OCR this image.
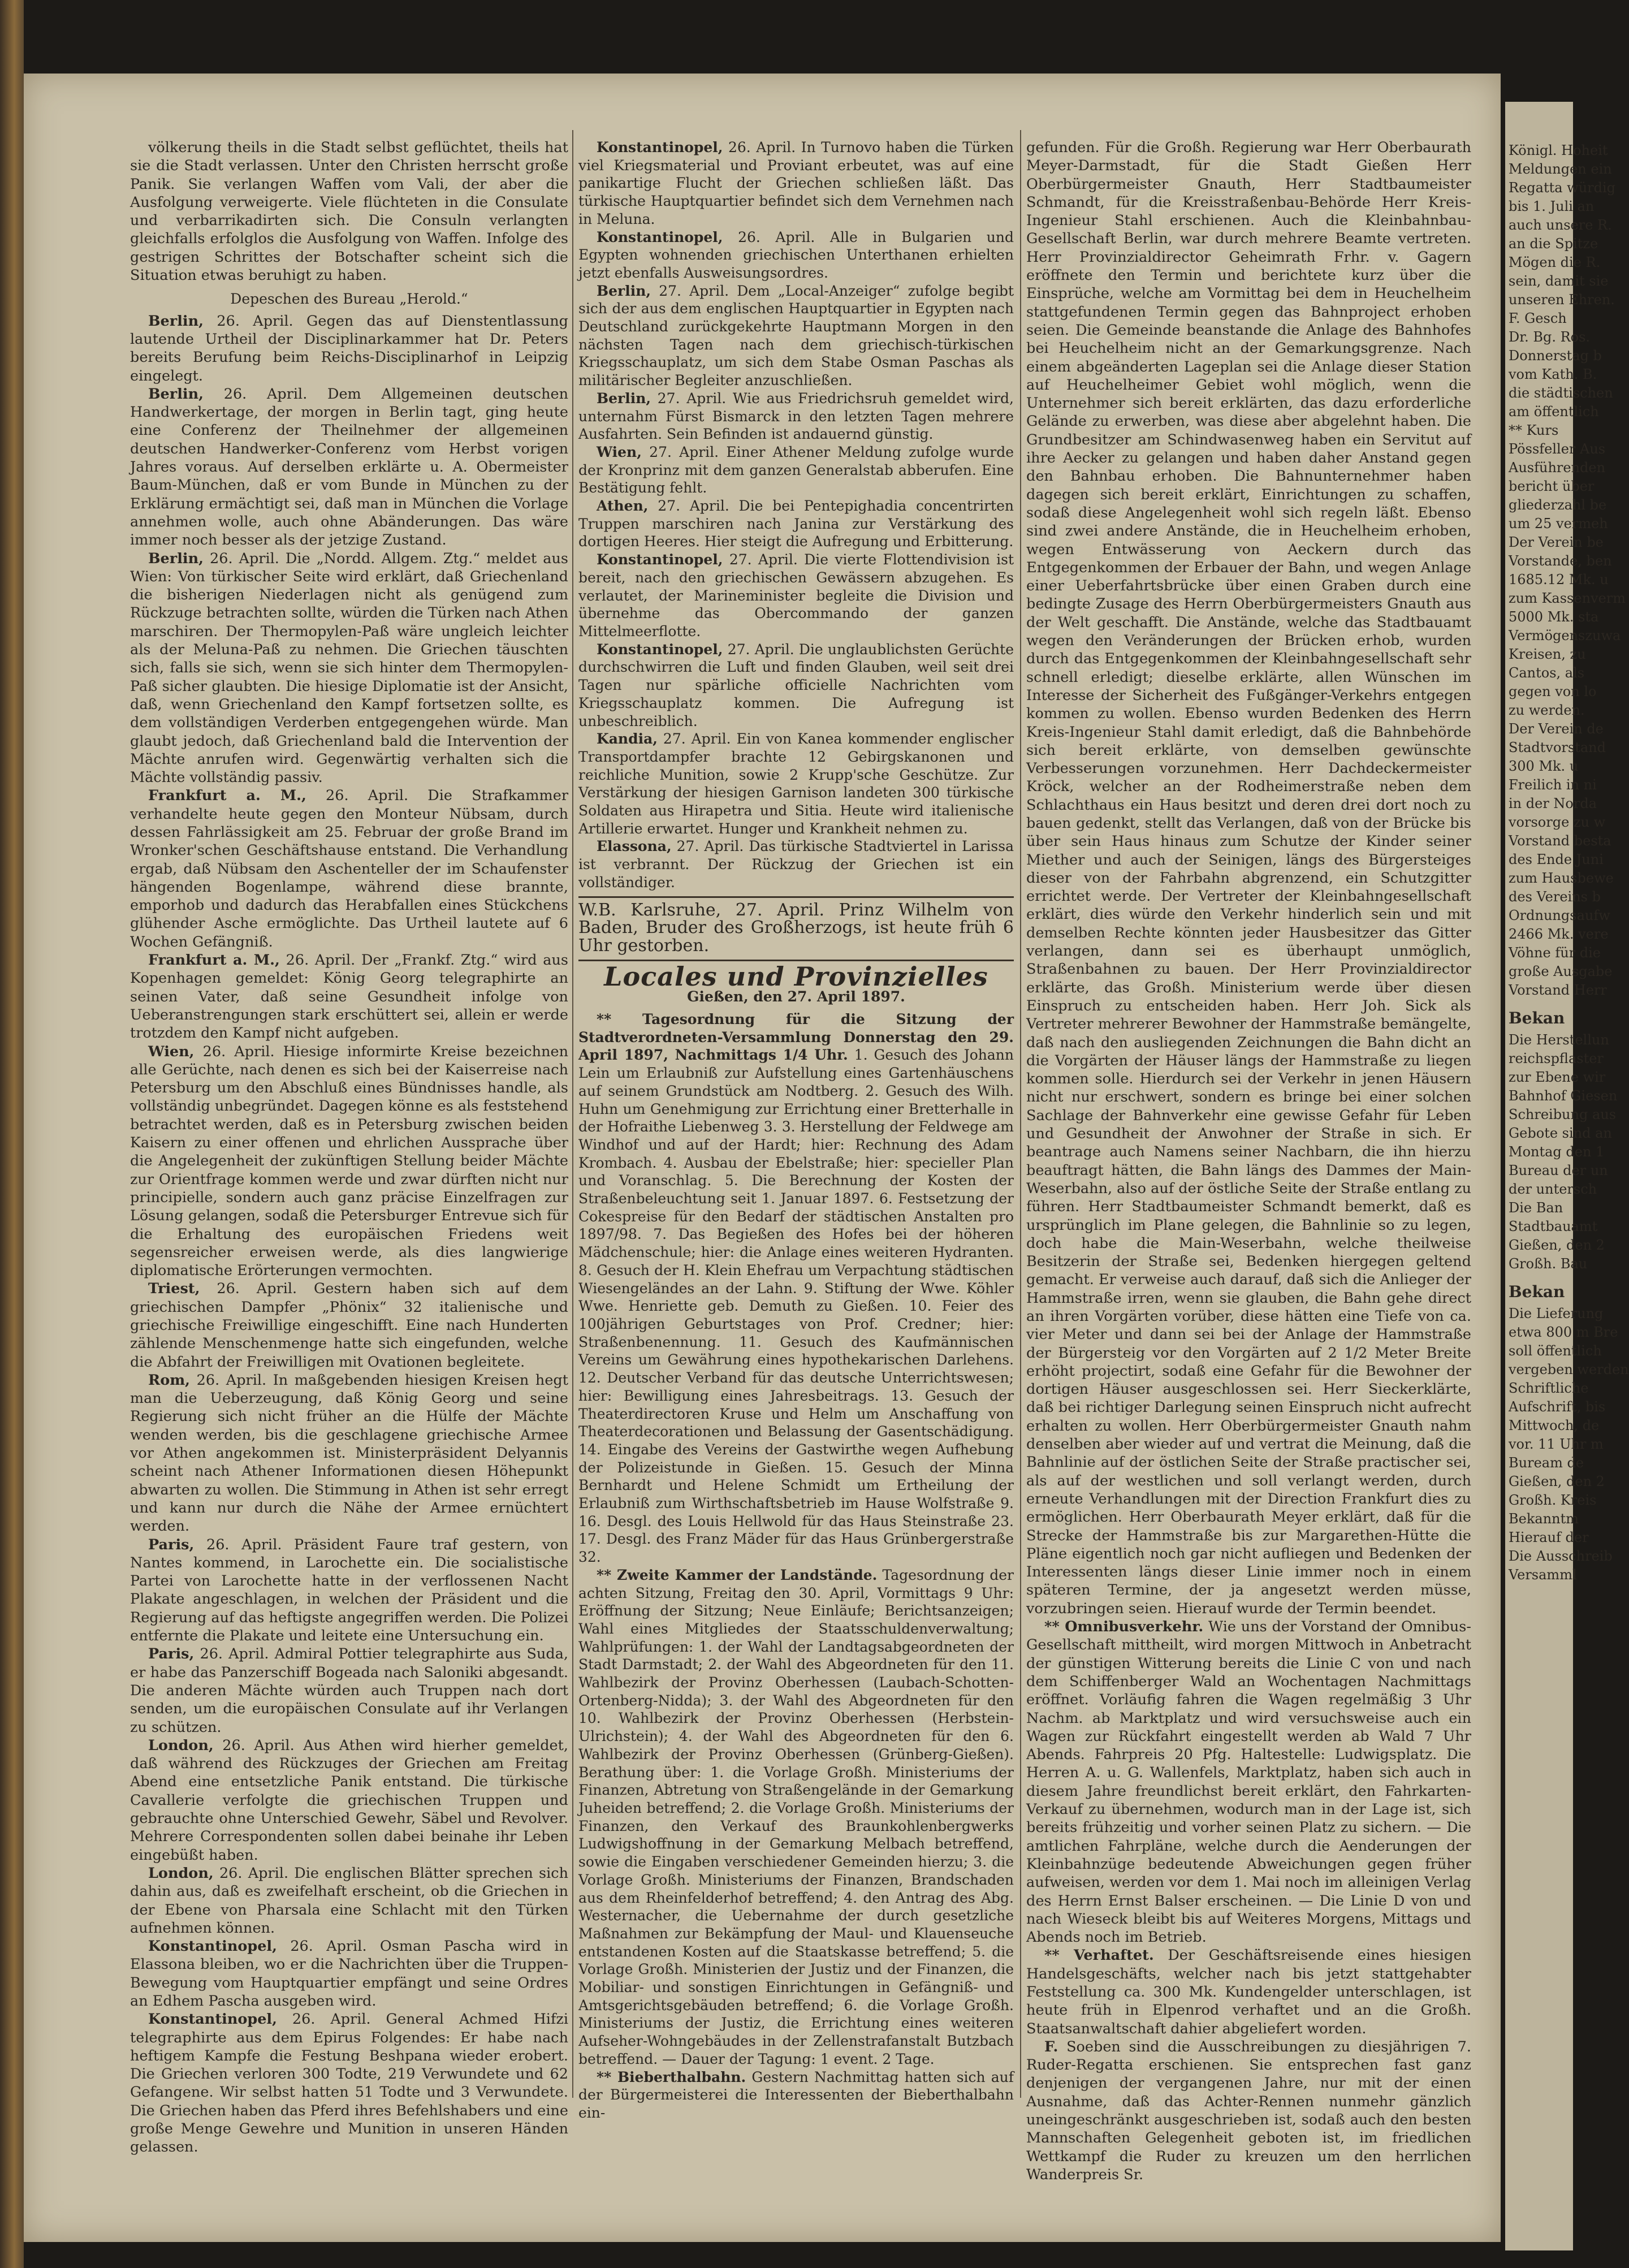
völkerung theils in die Stadt selbst geflüchtet, theils hat sie die Stadt verlassen. Unter den Christen herrscht große Panik. Sie verlangen Waffen vom Vali, der aber die Ausfolgung verweigerte. Viele flüchteten in die Consulate und verbarrikadirten sich. Die Consuln verlangten gleichfalls erfolglos die Ausfolgung von Waffen. Infolge des gestrigen Schrittes der Botschafter scheint sich die Situation etwas beruhigt zu haben.

Depeschen des Bureau „Herold.“

Berlin, 26. April. Gegen das auf Dienstentlassung lautende Urtheil der Disciplinarkammer hat Dr. Peters bereits Berufung beim Reichs-Disciplinarhof in Leipzig eingelegt.

Berlin, 26. April. Dem Allgemeinen deutschen Handwerkertage, der morgen in Berlin tagt, ging heute eine Conferenz der Theilnehmer der allgemeinen deutschen Handwerker-Conferenz vom Herbst vorigen Jahres voraus. Auf derselben erklärte u. A. Obermeister Baum-München, daß er vom Bunde in München zu der Erklärung ermächtigt sei, daß man in München die Vorlage annehmen wolle, auch ohne Abänderungen. Das wäre immer noch besser als der jetzige Zustand.

Berlin, 26. April. Die „Nordd. Allgem. Ztg.“ meldet aus Wien: Von türkischer Seite wird erklärt, daß Griechenland die bisherigen Niederlagen nicht als genügend zum Rückzuge betrachten sollte, würden die Türken nach Athen marschiren. Der Thermopylen-Paß wäre ungleich leichter als der Meluna-Paß zu nehmen. Die Griechen täuschten sich, falls sie sich, wenn sie sich hinter dem Thermopylen-Paß sicher glaubten. Die hiesige Diplomatie ist der Ansicht, daß, wenn Griechenland den Kampf fortsetzen sollte, es dem vollständigen Verderben entgegengehen würde. Man glaubt jedoch, daß Griechenland bald die Intervention der Mächte anrufen wird. Gegenwärtig verhalten sich die Mächte vollständig passiv.

Frankfurt a. M., 26. April. Die Strafkammer verhandelte heute gegen den Monteur Nübsam, durch dessen Fahrlässigkeit am 25. Februar der große Brand im Wronker'schen Geschäftshause entstand. Die Verhandlung ergab, daß Nübsam den Aschenteller der im Schaufenster hängenden Bogenlampe, während diese brannte, emporhob und dadurch das Herabfallen eines Stückchens glühender Asche ermöglichte. Das Urtheil lautete auf 6 Wochen Gefängniß.

Frankfurt a. M., 26. April. Der „Frankf. Ztg.“ wird aus Kopenhagen gemeldet: König Georg telegraphirte an seinen Vater, daß seine Gesundheit infolge von Ueberanstrengungen stark erschüttert sei, allein er werde trotzdem den Kampf nicht aufgeben.

Wien, 26. April. Hiesige informirte Kreise bezeichnen alle Gerüchte, nach denen es sich bei der Kaiserreise nach Petersburg um den Abschluß eines Bündnisses handle, als vollständig unbegründet. Dagegen könne es als feststehend betrachtet werden, daß es in Petersburg zwischen beiden Kaisern zu einer offenen und ehrlichen Aussprache über die Angelegenheit der zukünftigen Stellung beider Mächte zur Orientfrage kommen werde und zwar dürften nicht nur principielle, sondern auch ganz präcise Einzelfragen zur Lösung gelangen, sodaß die Petersburger Entrevue sich für die Erhaltung des europäischen Friedens weit segensreicher erweisen werde, als dies langwierige diplomatische Erörterungen vermochten.

Triest, 26. April. Gestern haben sich auf dem griechischen Dampfer „Phönix“ 32 italienische und griechische Freiwillige eingeschifft. Eine nach Hunderten zählende Menschenmenge hatte sich eingefunden, welche die Abfahrt der Freiwilligen mit Ovationen begleitete.

Rom, 26. April. In maßgebenden hiesigen Kreisen hegt man die Ueberzeugung, daß König Georg und seine Regierung sich nicht früher an die Hülfe der Mächte wenden werden, bis die geschlagene griechische Armee vor Athen angekommen ist. Ministerpräsident Delyannis scheint nach Athener Informationen diesen Höhepunkt abwarten zu wollen. Die Stimmung in Athen ist sehr erregt und kann nur durch die Nähe der Armee ernüchtert werden.

Paris, 26. April. Präsident Faure traf gestern, von Nantes kommend, in Larochette ein. Die socialistische Partei von Larochette hatte in der verflossenen Nacht Plakate angeschlagen, in welchen der Präsident und die Regierung auf das heftigste angegriffen werden. Die Polizei entfernte die Plakate und leitete eine Untersuchung ein.

Paris, 26. April. Admiral Pottier telegraphirte aus Suda, er habe das Panzerschiff Bogeada nach Saloniki abgesandt. Die anderen Mächte würden auch Truppen nach dort senden, um die europäischen Consulate auf ihr Verlangen zu schützen.

London, 26. April. Aus Athen wird hierher gemeldet, daß während des Rückzuges der Griechen am Freitag Abend eine entsetzliche Panik entstand. Die türkische Cavallerie verfolgte die griechischen Truppen und gebrauchte ohne Unterschied Gewehr, Säbel und Revolver. Mehrere Correspondenten sollen dabei beinahe ihr Leben eingebüßt haben.

London, 26. April. Die englischen Blätter sprechen sich dahin aus, daß es zweifelhaft erscheint, ob die Griechen in der Ebene von Pharsala eine Schlacht mit den Türken aufnehmen können.

Konstantinopel, 26. April. Osman Pascha wird in Elassona bleiben, wo er die Nachrichten über die Truppen-Bewegung vom Hauptquartier empfängt und seine Ordres an Edhem Pascha ausgeben wird.

Konstantinopel, 26. April. General Achmed Hifzi telegraphirte aus dem Epirus Folgendes: Er habe nach heftigem Kampfe die Festung Beshpana wieder erobert. Die Griechen verloren 300 Todte, 219 Verwundete und 62 Gefangene. Wir selbst hatten 51 Todte und 3 Verwundete. Die Griechen haben das Pferd ihres Befehlshabers und eine große Menge Gewehre und Munition in unseren Händen gelassen.

Konstantinopel, 26. April. In Turnovo haben die Türken viel Kriegsmaterial und Proviant erbeutet, was auf eine panikartige Flucht der Griechen schließen läßt. Das türkische Hauptquartier befindet sich dem Vernehmen nach in Meluna.

Konstantinopel, 26. April. Alle in Bulgarien und Egypten wohnenden griechischen Unterthanen erhielten jetzt ebenfalls Ausweisungsordres.

Berlin, 27. April. Dem „Local-Anzeiger“ zufolge begibt sich der aus dem englischen Hauptquartier in Egypten nach Deutschland zurückgekehrte Hauptmann Morgen in den nächsten Tagen nach dem griechisch-türkischen Kriegsschauplatz, um sich dem Stabe Osman Paschas als militärischer Begleiter anzuschließen.

Berlin, 27. April. Wie aus Friedrichsruh gemeldet wird, unternahm Fürst Bismarck in den letzten Tagen mehrere Ausfahrten. Sein Befinden ist andauernd günstig.

Wien, 27. April. Einer Athener Meldung zufolge wurde der Kronprinz mit dem ganzen Generalstab abberufen. Eine Bestätigung fehlt.

Athen, 27. April. Die bei Pentepighadia concentrirten Truppen marschiren nach Janina zur Verstärkung des dortigen Heeres. Hier steigt die Aufregung und Erbitterung.

Konstantinopel, 27. April. Die vierte Flottendivision ist bereit, nach den griechischen Gewässern abzugehen. Es verlautet, der Marineminister begleite die Division und übernehme das Obercommando der ganzen Mittelmeerflotte.

Konstantinopel, 27. April. Die unglaublichsten Gerüchte durchschwirren die Luft und finden Glauben, weil seit drei Tagen nur spärliche officielle Nachrichten vom Kriegsschauplatz kommen. Die Aufregung ist unbeschreiblich.

Kandia, 27. April. Ein von Kanea kommender englischer Transportdampfer brachte 12 Gebirgskanonen und reichliche Munition, sowie 2 Krupp'sche Geschütze. Zur Verstärkung der hiesigen Garnison landeten 300 türkische Soldaten aus Hirapetra und Sitia. Heute wird italienische Artillerie erwartet. Hunger und Krankheit nehmen zu.

Elassona, 27. April. Das türkische Stadtviertel in Larissa ist verbrannt. Der Rückzug der Griechen ist ein vollständiger.

W.B. Karlsruhe, 27. April. Prinz Wilhelm von Baden, Bruder des Großherzogs, ist heute früh 6 Uhr gestorben.

Locales und Provinzielles

Gießen, den 27. April 1897.

** Tagesordnung für die Sitzung der Stadtverordneten-Versammlung Donnerstag den 29. April 1897, Nachmittags 1/4 Uhr. 1. Gesuch des Johann Lein um Erlaubniß zur Aufstellung eines Gartenhäuschens auf seinem Grundstück am Nodtberg. 2. Gesuch des Wilh. Huhn um Genehmigung zur Errichtung einer Bretterhalle in der Hofraithe Liebenweg 3. 3. Herstellung der Feldwege am Windhof und auf der Hardt; hier: Rechnung des Adam Krombach. 4. Ausbau der Ebelstraße; hier: specieller Plan und Voranschlag. 5. Die Berechnung der Kosten der Straßenbeleuchtung seit 1. Januar 1897. 6. Festsetzung der Cokespreise für den Bedarf der städtischen Anstalten pro 1897/98. 7. Das Begießen des Hofes bei der höheren Mädchenschule; hier: die Anlage eines weiteren Hydranten. 8. Gesuch der H. Klein Ehefrau um Verpachtung städtischen Wiesengeländes an der Lahn. 9. Stiftung der Wwe. Köhler Wwe. Henriette geb. Demuth zu Gießen. 10. Feier des 100jährigen Geburtstages von Prof. Credner; hier: Straßenbenennung. 11. Gesuch des Kaufmännischen Vereins um Gewährung eines hypothekarischen Darlehens. 12. Deutscher Verband für das deutsche Unterrichtswesen; hier: Bewilligung eines Jahresbeitrags. 13. Gesuch der Theaterdirectoren Kruse und Helm um Anschaffung von Theaterdecorationen und Belassung der Gasentschädigung. 14. Eingabe des Vereins der Gastwirthe wegen Aufhebung der Polizeistunde in Gießen. 15. Gesuch der Minna Bernhardt und Helene Schmidt um Ertheilung der Erlaubniß zum Wirthschaftsbetrieb im Hause Wolfstraße 9. 16. Desgl. des Louis Hellwold für das Haus Steinstraße 23. 17. Desgl. des Franz Mäder für das Haus Grünbergerstraße 32.

** Zweite Kammer der Landstände. Tagesordnung der achten Sitzung, Freitag den 30. April, Vormittags 9 Uhr: Eröffnung der Sitzung; Neue Einläufe; Berichtsanzeigen; Wahl eines Mitgliedes der Staatsschuldenverwaltung; Wahlprüfungen: 1. der Wahl der Landtagsabgeordneten der Stadt Darmstadt; 2. der Wahl des Abgeordneten für den 11. Wahlbezirk der Provinz Oberhessen (Laubach-Schotten-Ortenberg-Nidda); 3. der Wahl des Abgeordneten für den 10. Wahlbezirk der Provinz Oberhessen (Herbstein-Ulrichstein); 4. der Wahl des Abgeordneten für den 6. Wahlbezirk der Provinz Oberhessen (Grünberg-Gießen). Berathung über: 1. die Vorlage Großh. Ministeriums der Finanzen, Abtretung von Straßengelände in der Gemarkung Juheiden betreffend; 2. die Vorlage Großh. Ministeriums der Finanzen, den Verkauf des Braunkohlenbergwerks Ludwigshoffnung in der Gemarkung Melbach betreffend, sowie die Eingaben verschiedener Gemeinden hierzu; 3. die Vorlage Großh. Ministeriums der Finanzen, Brandschaden aus dem Rheinfelderhof betreffend; 4. den Antrag des Abg. Westernacher, die Uebernahme der durch gesetzliche Maßnahmen zur Bekämpfung der Maul- und Klauenseuche entstandenen Kosten auf die Staatskasse betreffend; 5. die Vorlage Großh. Ministerien der Justiz und der Finanzen, die Mobiliar- und sonstigen Einrichtungen in Gefängniß- und Amtsgerichtsgebäuden betreffend; 6. die Vorlage Großh. Ministeriums der Justiz, die Errichtung eines weiteren Aufseher-Wohngebäudes in der Zellenstrafanstalt Butzbach betreffend. — Dauer der Tagung: 1 event. 2 Tage.

** Bieberthalbahn. Gestern Nachmittag hatten sich auf der Bürgermeisterei die Interessenten der Bieberthalbahn ein-

gefunden. Für die Großh. Regierung war Herr Oberbaurath Meyer-Darmstadt, für die Stadt Gießen Herr Oberbürgermeister Gnauth, Herr Stadtbaumeister Schmandt, für die Kreisstraßenbau-Behörde Herr Kreis-Ingenieur Stahl erschienen. Auch die Kleinbahnbau-Gesellschaft Berlin, war durch mehrere Beamte vertreten. Herr Provinzialdirector Geheimrath Frhr. v. Gagern eröffnete den Termin und berichtete kurz über die Einsprüche, welche am Vormittag bei dem in Heuchelheim stattgefundenen Termin gegen das Bahnproject erhoben seien. Die Gemeinde beanstande die Anlage des Bahnhofes bei Heuchelheim nicht an der Gemarkungsgrenze. Nach einem abgeänderten Lageplan sei die Anlage dieser Station auf Heuchelheimer Gebiet wohl möglich, wenn die Unternehmer sich bereit erklärten, das dazu erforderliche Gelände zu erwerben, was diese aber abgelehnt haben. Die Grundbesitzer am Schindwasenweg haben ein Servitut auf ihre Aecker zu gelangen und haben daher Anstand gegen den Bahnbau erhoben. Die Bahnunternehmer haben dagegen sich bereit erklärt, Einrichtungen zu schaffen, sodaß diese Angelegenheit wohl sich regeln läßt. Ebenso sind zwei andere Anstände, die in Heuchelheim erhoben, wegen Entwässerung von Aeckern durch das Entgegenkommen der Erbauer der Bahn, und wegen Anlage einer Ueberfahrtsbrücke über einen Graben durch eine bedingte Zusage des Herrn Oberbürgermeisters Gnauth aus der Welt geschafft. Die Anstände, welche das Stadtbauamt wegen den Veränderungen der Brücken erhob, wurden durch das Entgegenkommen der Kleinbahngesellschaft sehr schnell erledigt; dieselbe erklärte, allen Wünschen im Interesse der Sicherheit des Fußgänger-Verkehrs entgegen kommen zu wollen. Ebenso wurden Bedenken des Herrn Kreis-Ingenieur Stahl damit erledigt, daß die Bahnbehörde sich bereit erklärte, von demselben gewünschte Verbesserungen vorzunehmen. Herr Dachdeckermeister Kröck, welcher an der Rodheimerstraße neben dem Schlachthaus ein Haus besitzt und deren drei dort noch zu bauen gedenkt, stellt das Verlangen, daß von der Brücke bis über sein Haus hinaus zum Schutze der Kinder seiner Miether und auch der Seinigen, längs des Bürgersteiges dieser von der Fahrbahn abgrenzend, ein Schutzgitter errichtet werde. Der Vertreter der Kleinbahngesellschaft erklärt, dies würde den Verkehr hinderlich sein und mit demselben Rechte könnten jeder Hausbesitzer das Gitter verlangen, dann sei es überhaupt unmöglich, Straßenbahnen zu bauen. Der Herr Provinzialdirector erklärte, das Großh. Ministerium werde über diesen Einspruch zu entscheiden haben. Herr Joh. Sick als Vertreter mehrerer Bewohner der Hammstraße bemängelte, daß nach den ausliegenden Zeichnungen die Bahn dicht an die Vorgärten der Häuser längs der Hammstraße zu liegen kommen solle. Hierdurch sei der Verkehr in jenen Häusern nicht nur erschwert, sondern es bringe bei einer solchen Sachlage der Bahnverkehr eine gewisse Gefahr für Leben und Gesundheit der Anwohner der Straße in sich. Er beantrage auch Namens seiner Nachbarn, die ihn hierzu beauftragt hätten, die Bahn längs des Dammes der Main-Weserbahn, also auf der östliche Seite der Straße entlang zu führen. Herr Stadtbaumeister Schmandt bemerkt, daß es ursprünglich im Plane gelegen, die Bahnlinie so zu legen, doch habe die Main-Weserbahn, welche theilweise Besitzerin der Straße sei, Bedenken hiergegen geltend gemacht. Er verweise auch darauf, daß sich die Anlieger der Hammstraße irren, wenn sie glauben, die Bahn gehe direct an ihren Vorgärten vorüber, diese hätten eine Tiefe von ca. vier Meter und dann sei bei der Anlage der Hammstraße der Bürgersteig vor den Vorgärten auf 2 1/2 Meter Breite erhöht projectirt, sodaß eine Gefahr für die Bewohner der dortigen Häuser ausgeschlossen sei. Herr Sieckerklärte, daß bei richtiger Darlegung seinen Einspruch nicht aufrecht erhalten zu wollen. Herr Oberbürgermeister Gnauth nahm denselben aber wieder auf und vertrat die Meinung, daß die Bahnlinie auf der östlichen Seite der Straße practischer sei, als auf der westlichen und soll verlangt werden, durch erneute Verhandlungen mit der Direction Frankfurt dies zu ermöglichen. Herr Oberbaurath Meyer erklärt, daß für die Strecke der Hammstraße bis zur Margarethen-Hütte die Pläne eigentlich noch gar nicht aufliegen und Bedenken der Interessenten längs dieser Linie immer noch in einem späteren Termine, der ja angesetzt werden müsse, vorzubringen seien. Hierauf wurde der Termin beendet.

** Omnibusverkehr. Wie uns der Vorstand der Omnibus-Gesellschaft mittheilt, wird morgen Mittwoch in Anbetracht der günstigen Witterung bereits die Linie C von und nach dem Schiffenberger Wald an Wochentagen Nachmittags eröffnet. Vorläufig fahren die Wagen regelmäßig 3 Uhr Nachm. ab Marktplatz und wird versuchsweise auch ein Wagen zur Rückfahrt eingestellt werden ab Wald 7 Uhr Abends. Fahrpreis 20 Pfg. Haltestelle: Ludwigsplatz. Die Herren A. u. G. Wallenfels, Marktplatz, haben sich auch in diesem Jahre freundlichst bereit erklärt, den Fahrkarten-Verkauf zu übernehmen, wodurch man in der Lage ist, sich bereits frühzeitig und vorher seinen Platz zu sichern. — Die amtlichen Fahrpläne, welche durch die Aenderungen der Kleinbahnzüge bedeutende Abweichungen gegen früher aufweisen, werden vor dem 1. Mai noch im alleinigen Verlag des Herrn Ernst Balser erscheinen. — Die Linie D von und nach Wieseck bleibt bis auf Weiteres Morgens, Mittags und Abends noch im Betrieb.

** Verhaftet. Der Geschäftsreisende eines hiesigen Handelsgeschäfts, welcher nach bis jetzt stattgehabter Feststellung ca. 300 Mk. Kundengelder unterschlagen, ist heute früh in Elpenrod verhaftet und an die Großh. Staatsanwaltschaft dahier abgeliefert worden.

F. Soeben sind die Ausschreibungen zu diesjährigen 7. Ruder-Regatta erschienen. Sie entsprechen fast ganz denjenigen der vergangenen Jahre, nur mit der einen Ausnahme, daß das Achter-Rennen nunmehr gänzlich uneingeschränkt ausgeschrieben ist, sodaß auch den besten Mannschaften Gelegenheit geboten ist, im friedlichen Wettkampf die Ruder zu kreuzen um den herrlichen Wanderpreis Sr.

Königl. Hoheit
Meldungen ein
Regatta würdig
bis 1. Juli an
auch unsere R.
an die Spitze
Mögen die R.
sein, damit sie
unseren Ehren.
F. Gesch
Dr. Bg. Ros.
Donnerstag b
vom Kath. B.
die städtischen
am öffentlich
** Kurs
Pössfeller Aus
Ausführenden
bericht über
gliederzahl be
um 25 vermeh
Der Verein be
Vorstande, ben
1685.12 Mk. u
zum Kassenverm
5000 Mk. sta
Vermögenszuwa
Kreisen, zu
Cantos, als
gegen von lo
zu werden.
Der Verein de
Stadtvorstand
300 Mk. u
Freilich in ni
in der Norda
vorsorge zu w
Vorstand besta
des Ende Juni
zum Hausbewe
des Vereins b
Ordnungsaufw
2466 Mk. vere
Vöhne für die
große Ausgabe
Vorstand Herr
Bekan
Die Herstellun
reichspflaster
zur Ebene wir
Bahnhof Giesen
Schreibung aus
Gebote sind an
Montag den 1
Bureau der un
der untersch
Die Ban
Stadtbauamt
Gießen, den 2
Großh. Bau
Bekan
Die Lieferung
etwa 800 m Bre
soll öffentlich
vergeben werden
Schriftliche
Aufschrift, bis
Mittwoch, de
vor. 11 Uhr m
Buream de
Gießen, den 2
Großh. Kreis
Bekanntm
Hierauf der
Die Ausschreib
Versamml
